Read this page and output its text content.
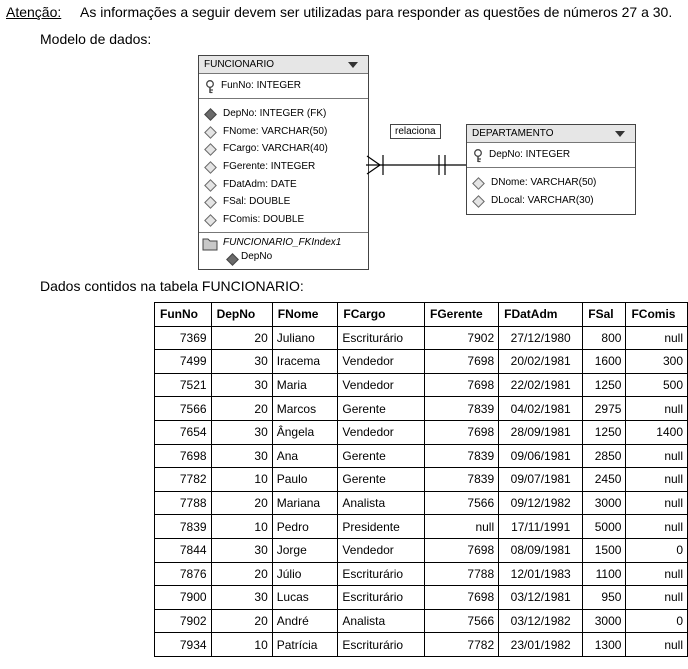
Atenção: As informações a seguir devem ser utilizadas para responder as questões de números 27 a 30.
Modelo de dados:
FUNCIONARIO
FunNo: INTEGER
DepNo: INTEGER (FK)
FNome: VARCHAR(50)
FCargo: VARCHAR(40)
FGerente: INTEGER
FDatAdm: DATE
FSal: DOUBLE
FComis: DOUBLE
FUNCIONARIO_FKIndex1
DepNo
relaciona	DEPARTAMENTO
DepNo: INTEGER
DNome: VARCHAR(50)
DLocal: VARCHAR(30)
Dados contidos na tabela FUNCIONARIO:
FunNo	DepNo	FNome	FCargo	FGerente	FDatAdm	FSal	FComis
7369	20	Juliano	Escriturário	7902	27/12/1980	800	null
7499	30	Iracema	Vendedor	7698	20/02/1981	1600	300
7521	30	Maria	Vendedor	7698	22/02/1981	1250	500
7566	20	Marcos	Gerente	7839	04/02/1981	2975	null
7654	30	Ângela	Vendedor	7698	28/09/1981	1250	1400
7698	30	Ana	Gerente	7839	09/06/1981	2850	null
7782	10	Paulo	Gerente	7839	09/07/1981	2450	null
7788	20	Mariana	Analista	7566	09/12/1982	3000	null
7839	10	Pedro	Presidente	null	17/11/1991	5000	null
7844	30	Jorge	Vendedor	7698	08/09/1981	1500	0
7876	20	Júlio	Escriturário	7788	12/01/1983	1100	null
7900	30	Lucas	Escriturário	7698	03/12/1981	950	null
7902	20	André	Analista	7566	03/12/1982	3000	0
7934	10	Patrícia	Escriturário	7782	23/01/1982	1300	null
